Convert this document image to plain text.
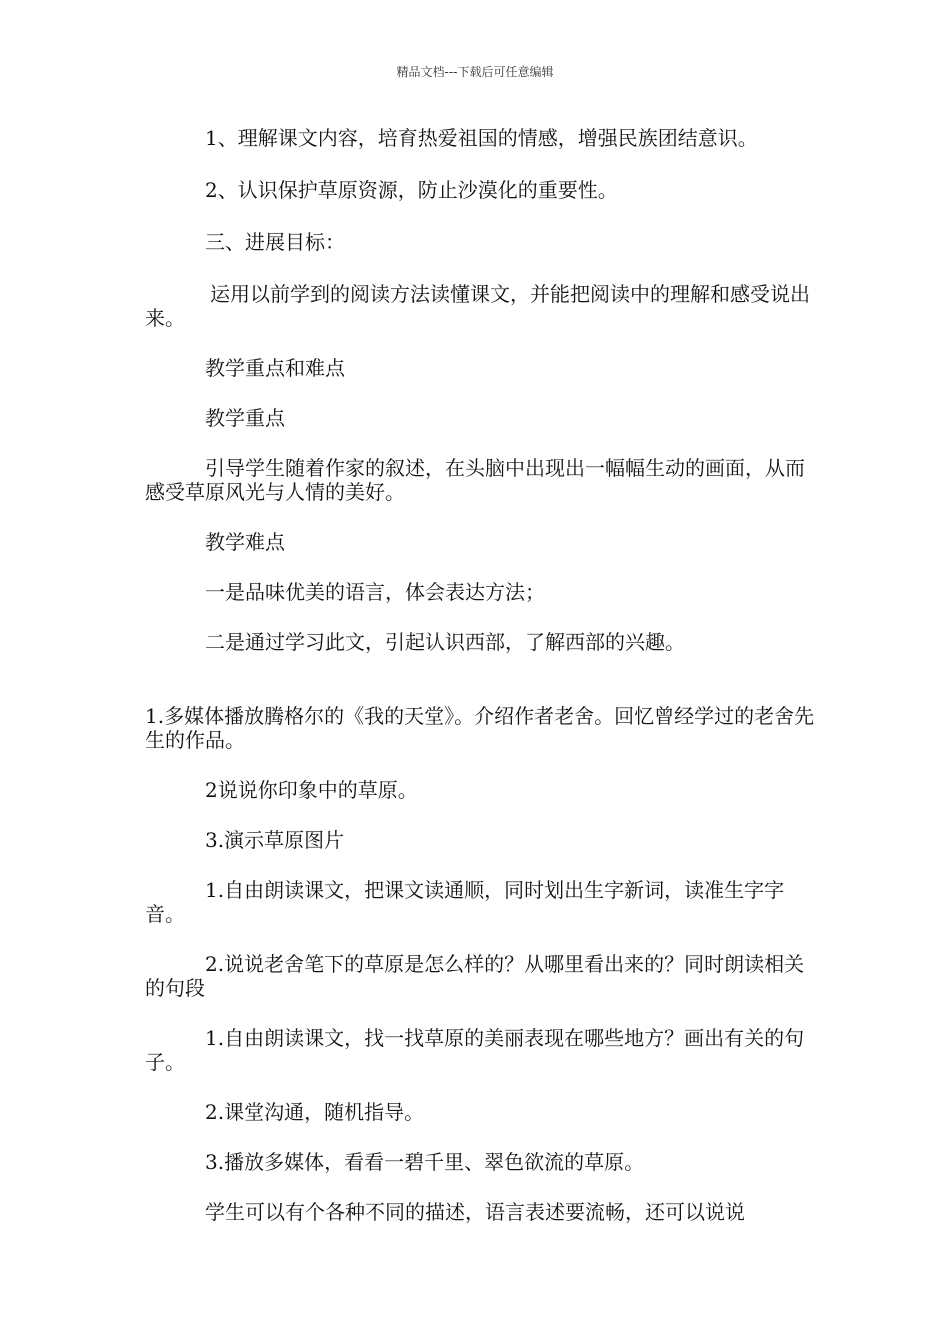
精品文档---下载后可任意编辑

1、理解课文内容，培育热爱祖国的情感，增强民族团结意识。

2、认识保护草原资源，防止沙漠化的重要性。

三、进展目标：

运用以前学到的阅读方法读懂课文，并能把阅读中的理解和感受说出来。

教学重点和难点

教学重点

引导学生随着作家的叙述，在头脑中出现出一幅幅生动的画面，从而感受草原风光与人情的美好。

教学难点

一是品味优美的语言，体会表达方法；

二是通过学习此文，引起认识西部，了解西部的兴趣。

1.多媒体播放腾格尔的《我的天堂》。介绍作者老舍。回忆曾经学过的老舍先生的作品。

2说说你印象中的草原。

3.演示草原图片

1.自由朗读课文，把课文读通顺，同时划出生字新词，读准生字字音。

2.说说老舍笔下的草原是怎么样的？从哪里看出来的？同时朗读相关的句段

1.自由朗读课文，找一找草原的美丽表现在哪些地方？画出有关的句子。

2.课堂沟通，随机指导。

3.播放多媒体，看看一碧千里、翠色欲流的草原。

学生可以有个各种不同的描述，语言表述要流畅，还可以说说
